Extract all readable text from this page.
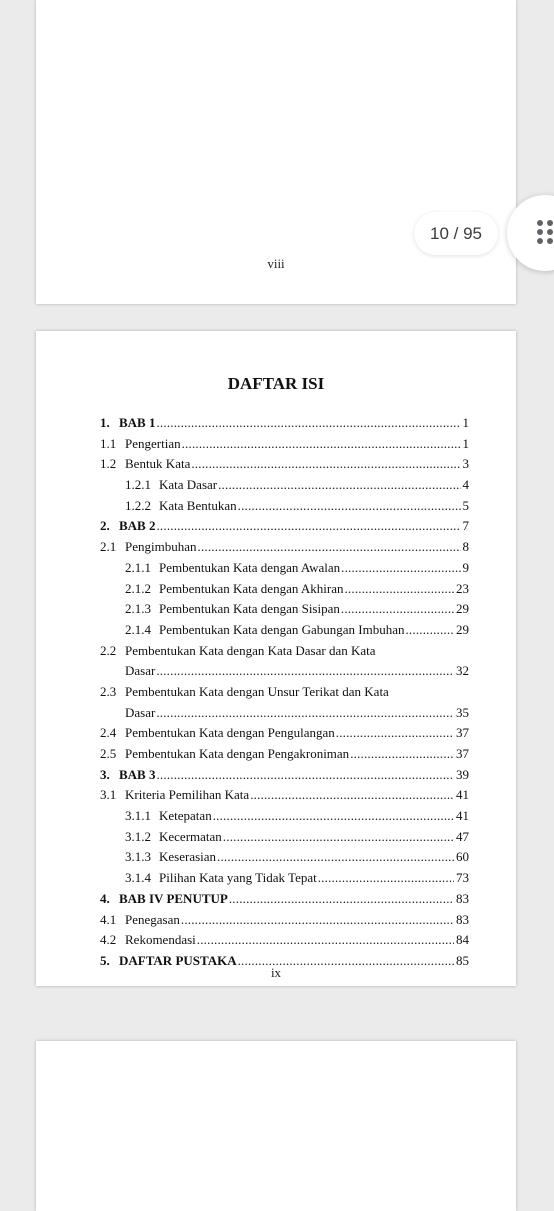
viii
DAFTAR ISI
1. BAB 1 .....	1
1.1 Pengertian .....	1
1.2 Bentuk Kata .....	3
1.2.1 Kata Dasar .....	4
1.2.2 Kata Bentukan .....	5
2. BAB 2 .....	7
2.1 Pengimbuhan .....	8
2.1.1 Pembentukan Kata dengan Awalan .....	9
2.1.2 Pembentukan Kata dengan Akhiran .....	23
2.1.3 Pembentukan Kata dengan Sisipan .....	29
2.1.4 Pembentukan Kata dengan Gabungan Imbuhan .....	29
2.2 Pembentukan Kata dengan Kata Dasar dan Kata
Dasar .....	32
2.3 Pembentukan Kata dengan Unsur Terikat dan Kata
Dasar .....	35
2.4 Pembentukan Kata dengan Pengulangan .....	37
2.5 Pembentukan Kata dengan Pengakroniman .....	37
3. BAB 3 .....	39
3.1 Kriteria Pemilihan Kata .....	41
3.1.1 Ketepatan .....	41
3.1.2 Kecermatan .....	47
3.1.3 Keserasian .....	60
3.1.4 Pilihan Kata yang Tidak Tepat .....	73
4. BAB IV PENUTUP .....	83
4.1 Penegasan .....	83
4.2 Rekomendasi .....	84
5. DAFTAR PUSTAKA .....	85
ix
10 / 95
